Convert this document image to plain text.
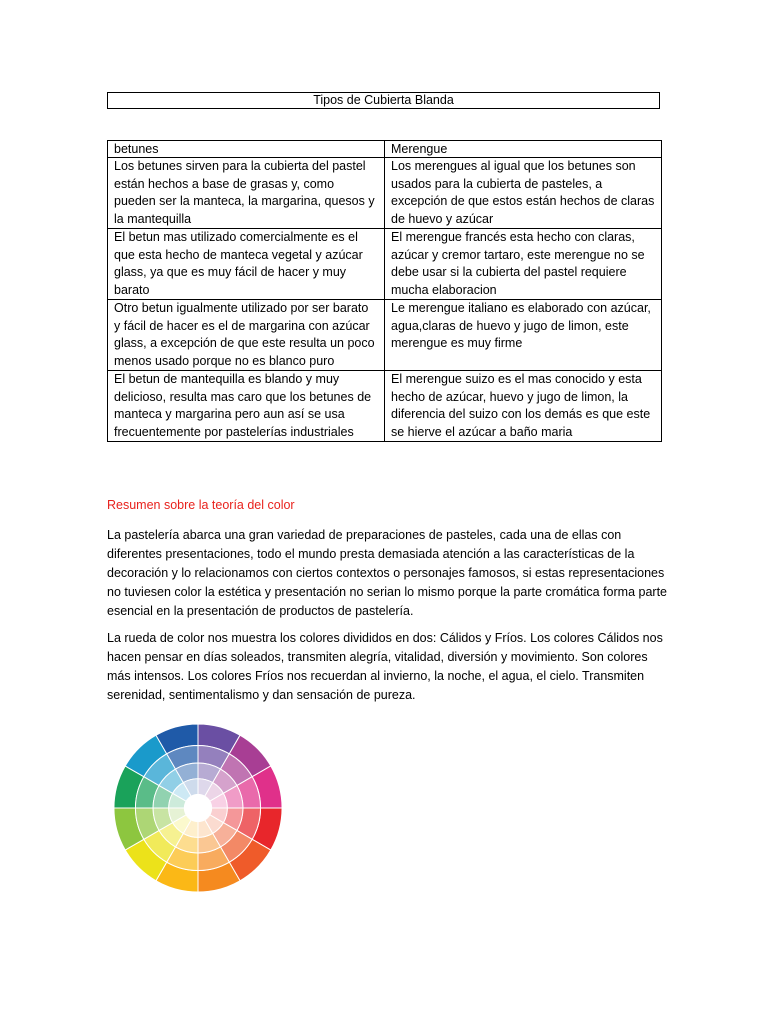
Tipos de Cubierta Blanda
betunes	Merengue
Los betunes sirven para la cubierta del pastel están hechos a base de grasas y, como pueden ser la manteca, la margarina, quesos y la mantequilla	Los merengues al igual que los betunes son usados para la cubierta de pasteles, a excepción de que estos están hechos de claras de huevo y azúcar
El betun mas utilizado comercialmente es el que esta hecho de manteca vegetal y azúcar glass, ya que es muy fácil de hacer y muy barato	El merengue francés esta hecho con claras, azúcar y cremor tartaro, este merengue no se debe usar si la cubierta del pastel requiere mucha elaboracion
Otro betun igualmente utilizado por ser barato y fácil de hacer es el de margarina con azúcar glass, a excepción de que este resulta un poco menos usado porque no es blanco puro	Le merengue italiano es elaborado con azúcar, agua,claras de huevo y jugo de limon, este merengue es muy firme
El betun de mantequilla es blando y muy delicioso, resulta mas caro que los betunes de manteca y margarina pero aun así se usa frecuentemente por pastelerías industriales	El merengue suizo es el mas conocido y esta hecho de azúcar, huevo y jugo de limon, la diferencia del suizo con los demás es que este se hierve el azúcar a baño maria
Resumen sobre la teoría del color
La pastelería abarca una gran variedad de preparaciones de pasteles, cada una de ellas con diferentes presentaciones, todo el mundo presta demasiada atención a las características de la decoración y lo relacionamos con ciertos contextos o personajes famosos, si estas representaciones no tuviesen color la estética y presentación no serian lo mismo porque la parte cromática forma parte esencial en la presentación de productos de pastelería.
La rueda de color nos muestra los colores divididos en dos: Cálidos y Fríos. Los colores Cálidos nos hacen pensar en días soleados, transmiten alegría, vitalidad, diversión y movimiento. Son colores más intensos. Los colores Fríos nos recuerdan al invierno, la noche, el agua, el cielo. Transmiten serenidad, sentimentalismo y dan sensación de pureza.
